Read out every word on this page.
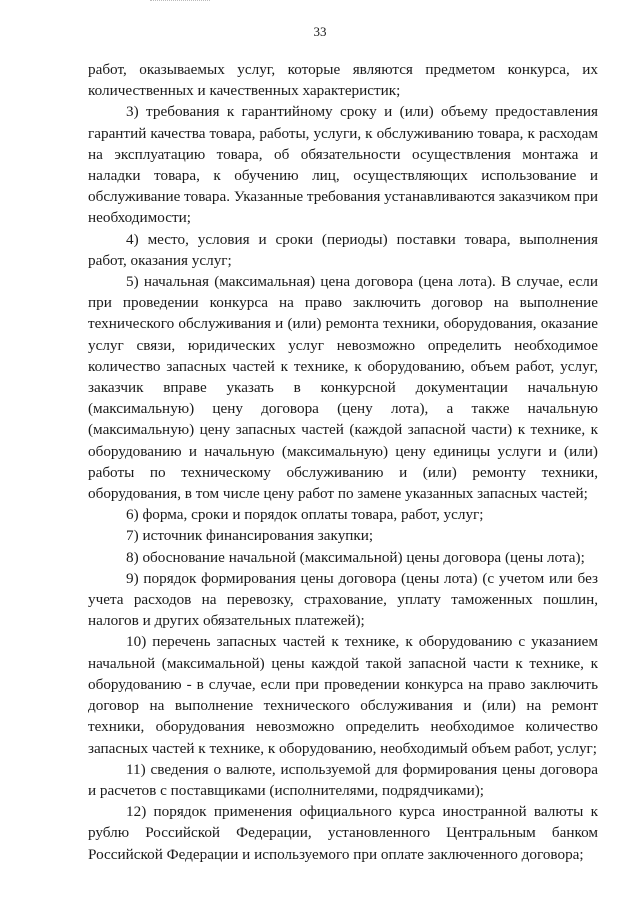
33

работ, оказываемых услуг, которые являются предметом конкурса, их количественных и качественных характеристик;

3) требования к гарантийному сроку и (или) объему предоставления гарантий качества товара, работы, услуги, к обслуживанию товара, к расходам на эксплуатацию товара, об обязательности осуществления монтажа и наладки товара, к обучению лиц, осуществляющих использование и обслуживание товара. Указанные требования устанавливаются заказчиком при необходимости;

4) место, условия и сроки (периоды) поставки товара, выполнения работ, оказания услуг;

5) начальная (максимальная) цена договора (цена лота). В случае, если при проведении конкурса на право заключить договор на выполнение технического обслуживания и (или) ремонта техники, оборудования, оказание услуг связи, юридических услуг невозможно определить необходимое количество запасных частей к технике, к оборудованию, объем работ, услуг, заказчик вправе указать в конкурсной документации начальную (максимальную) цену договора (цену лота), а также начальную (максимальную) цену запасных частей (каждой запасной части) к технике, к оборудованию и начальную (максимальную) цену единицы услуги и (или) работы по техническому обслуживанию и (или) ремонту техники, оборудования, в том числе цену работ по замене указанных запасных частей;

6) форма, сроки и порядок оплаты товара, работ, услуг;

7) источник финансирования закупки;

8) обоснование начальной (максимальной) цены договора (цены лота);

9) порядок формирования цены договора (цены лота) (с учетом или без учета расходов на перевозку, страхование, уплату таможенных пошлин, налогов и других обязательных платежей);

10) перечень запасных частей к технике, к оборудованию с указанием начальной (максимальной) цены каждой такой запасной части к технике, к оборудованию - в случае, если при проведении конкурса на право заключить договор на выполнение технического обслуживания и (или) на ремонт техники, оборудования невозможно определить необходимое количество запасных частей к технике, к оборудованию, необходимый объем работ, услуг;

11) сведения о валюте, используемой для формирования цены договора и расчетов с поставщиками (исполнителями, подрядчиками);

12) порядок применения официального курса иностранной валюты к рублю Российской Федерации, установленного Центральным банком Российской Федерации и используемого при оплате заключенного договора;
